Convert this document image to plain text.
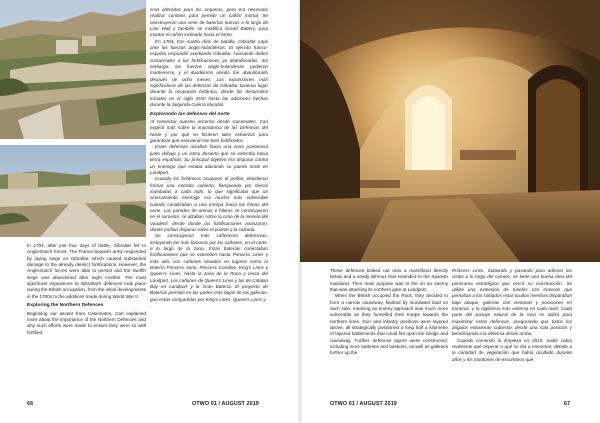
In 1704, after just four days of battle, Gibraltar fell to Anglo-Dutch forces. The Franco-Spanish army responded by laying siege on Gibraltar, which caused substantial damage to the already derelict fortifications. However, the Anglo-Dutch forces were able to persist and the twelfth siege was abandoned after eight months. The most significant expansions to Gibraltar's defences took place during the British occupation, from the initial developments in the 1700s to the additions made during World War II.

Exploring the Northern Defences

Beginning our ascent from Casemates, Carl explained more about the importance of the Northern Defences and why such efforts were made to ensure they were so well fortified.

eran alteradas para los arqueros, pero era necesario realizar cambios para permitir un cañón mortal. Se construyeron una serie de baterías nuevas a lo largo de Line Wall y también se modificó Grand Battery, para montar el cañón inclinado hacia el istmo.

En 1704, tras cuatro días de batalla, Gibraltar cayó ante las fuerzas anglo-holandesas. El ejército franco-español respondió asediando Gibraltar, causando daños sustanciales a las fortificaciones ya abandonadas. Sin embargo, las fuerzas anglo-holandesas pudieron mantenerse, y el duodécimo asedio fue abandonado después de ocho meses. Las expansiones más significativas de las defensas de Gibraltar tuvieron lugar durante la ocupación británica, desde los desarrollos iniciales en el siglo XVIII hasta las adiciones hechas durante la Segunda Guerra Mundial.

Explorando las defensas del norte

Al comenzar nuestro ascenso desde Casemates, Carl explicó más sobre la importancia de las Defensas del Norte y por qué se hicieron tales esfuerzos para garantizar que estuvieran tan bien fortificados.

Estas defensas miraban hacia una zona pantanosa junto debajo y un istmo desierto que se extendía hacia tierra española. Su principal objetivo era disparar contra un enemigo que estaba atacando su puerta norte en Landport.

Cuando los británicos ocuparon el peñón, decidieron formar una entrada cubierta, flanqueada por tierras inundadas a cada lado, lo que significaba que un acercamiento enemigo era mucho más vulnerable cuando canalizaban a una trampa hacia las líneas del norte. Las paredes de arenas e hileras se construyeron en el suroeste; se alzaban sobre la cima de la meseta del Vaudevil, desde donde las fortificaciones avanzaron, donde podían disparar sobre el puente y la calzada.

Se construyeron más cañoneras defensivas, incluyendo las más famosas por los cañones, en el norte, a lo largo de la zona. Estas baterías conectaban fortificaciones que se extienden hasta Princess Lines y más allá, con cañones situados en lugares como la Batería Princess Anne, Princess Caroline, King's Lines y Queen's Lines, hasta la zona de la Roca y cerca del Landport. Los cañones de Queen's Lines y las de Catalan Bay en Landport y la Gran Batería. El proyecto de Baterías permitió en las partes más bajas de las galerías, que están compartidas por King's Lines, Queen's Lines y

66	OTWO 01 / AUGUST 2019

These defences looked out onto a marshland directly below and a sandy isthmus that extended to the Spanish mainland. Their main purpose was to fire on an enemy that was attacking its northern gate at Landport.

When the British occupied the Rock, they decided to form a narrow causeway, flanked by inundated land on each side, meaning an enemy approach was much more vulnerable as they funnelled their troops towards the northern lines. Gun and infantry positions were layered above, all strategically positioned a long half a kilometre of layered battlements that could fire upon the bridge and causeway. Further defences layers were constructed, including more batteries and bastions, as well as galleries further up the

Princess Lines. Subiendo y pasando para admirar las vistas a lo largo del camino, se tiene una buena idea del panorama estratégico que cercó su construcción. Se utilizó una extensión de túneles con troneras que permitían a los soldados estar ocultos mientras disparaban bajo ataque, galerías con ventanas y posiciones en troneras, y la vigilancia más extensa en cada nivel. Cada parte del paisaje natural de la roca se utilizó para maximizar estas defensas, asegurando que todos los ángulos estuvieran cubiertos desde una sola posición y beneficiando a la defensa desde arriba.

Cuando comenzó la limpieza en 2015, nadie sabía realmente qué esperar o qué se iba a encontrar, debido a la cantidad de vegetación que había ocultado durante años y los montones de escombros que

OTWO 01 / AUGUST 2019	67
